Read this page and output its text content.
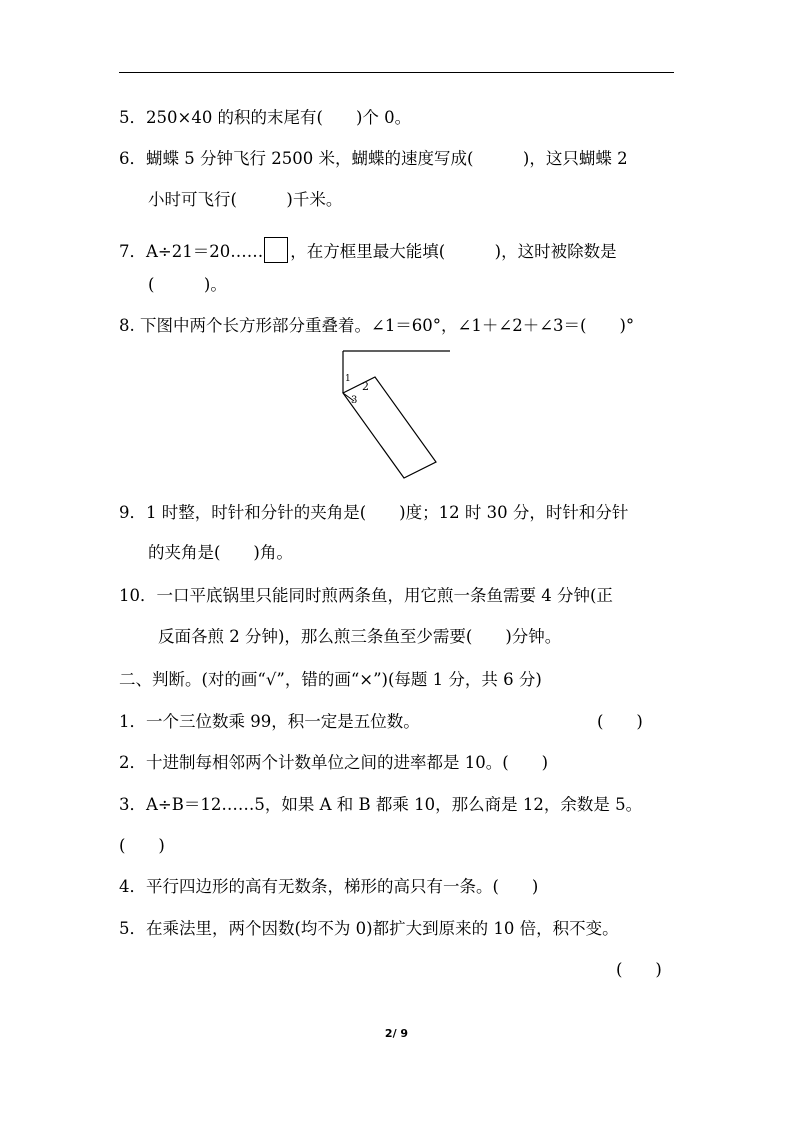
5．250×40 的积的末尾有(　　)个 0。
6．蝴蝶 5 分钟飞行 2500 米，蝴蝶的速度写成(　　　)，这只蝴蝶 2
小时可飞行(　　　)千米。
7．A÷21＝20…… ，在方框里最大能填(　　　)，这时被除数是
(　　　)。
8. 下图中两个长方形部分重叠着。∠1＝60°，∠1＋∠2＋∠3＝(　　)°
1
2
3
9．1 时整，时针和分针的夹角是(　　)度；12 时 30 分，时针和分针
的夹角是(　　)角。
10．一口平底锅里只能同时煎两条鱼，用它煎一条鱼需要 4 分钟(正
反面各煎 2 分钟)，那么煎三条鱼至少需要(　　)分钟。
二、判断。(对的画“√”，错的画“×”)(每题 1 分，共 6 分)
1．一个三位数乘 99，积一定是五位数。	(　　)
2．十进制每相邻两个计数单位之间的进率都是 10。(　　)
3．A÷B＝12……5，如果 A 和 B 都乘 10，那么商是 12，余数是 5。
(　　)
4．平行四边形的高有无数条，梯形的高只有一条。(　　)
5．在乘法里，两个因数(均不为 0)都扩大到原来的 10 倍，积不变。
(　　)
2/ 9
